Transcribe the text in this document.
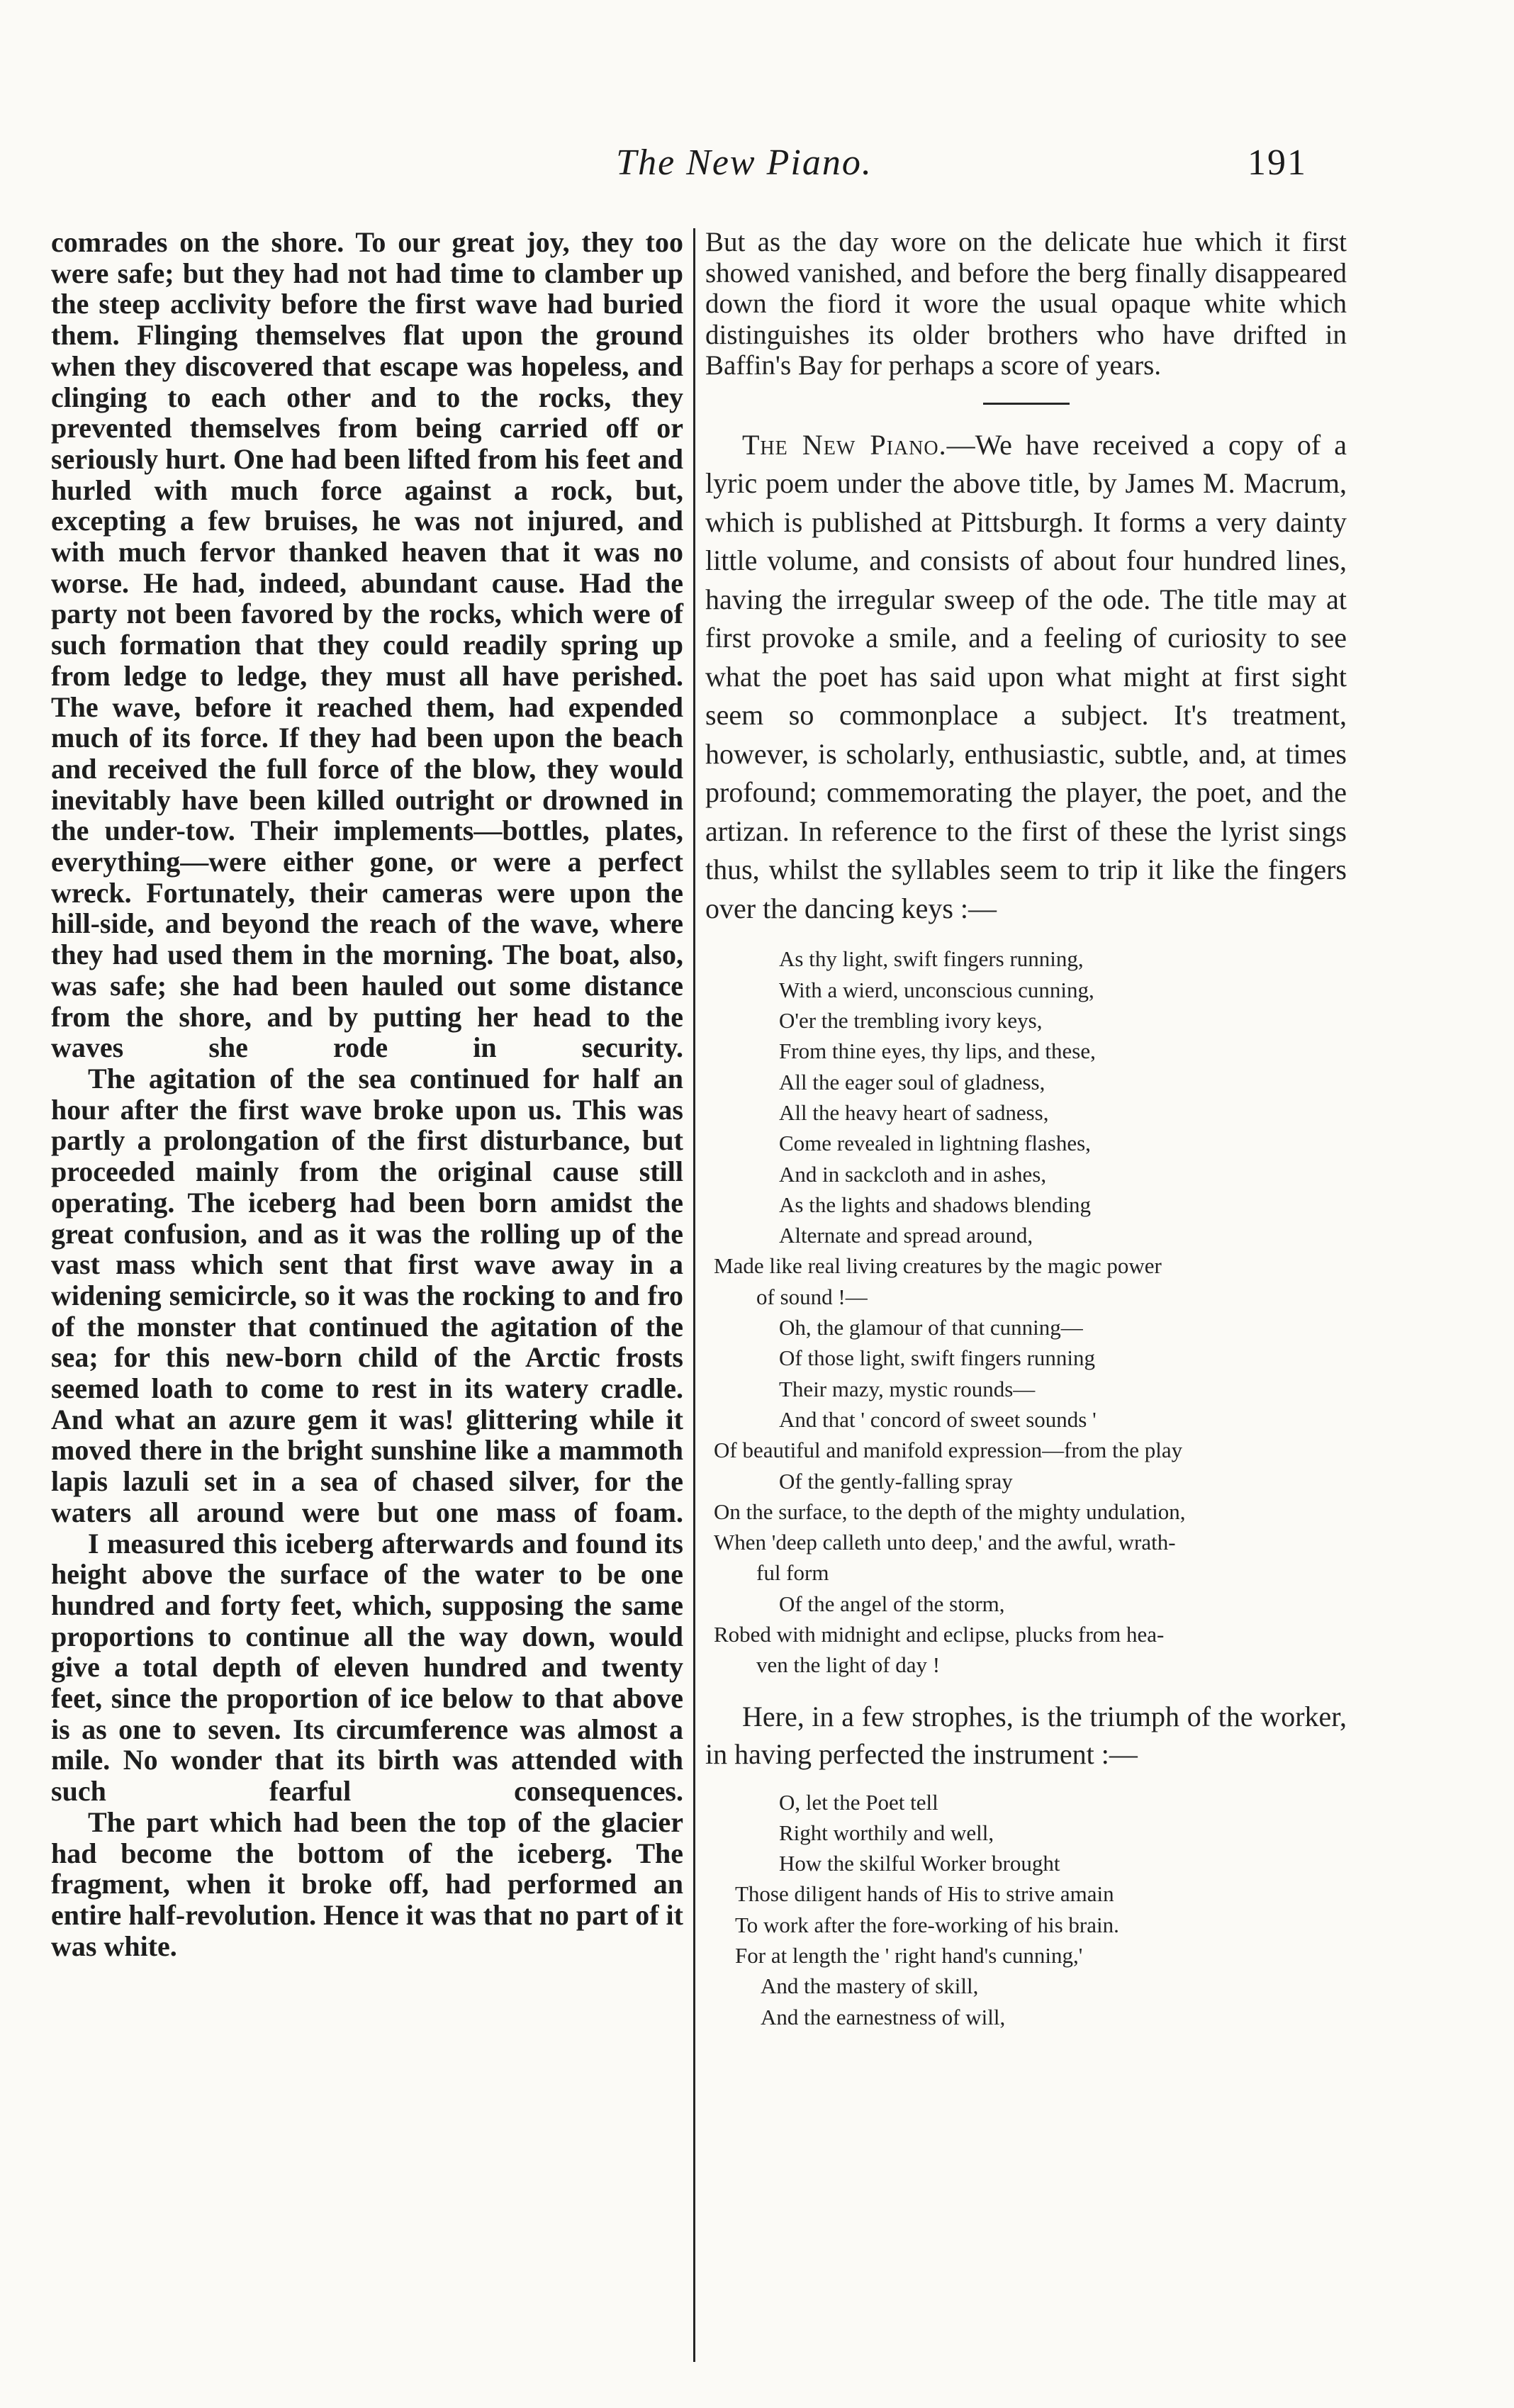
The New Piano.	191

comrades on the shore. To our great joy, they too were safe; but they had not had time to clamber up the steep acclivity before the first wave had buried them. Flinging themselves flat upon the ground when they discovered that escape was hopeless, and clinging to each other and to the rocks, they prevented themselves from being carried off or seriously hurt. One had been lifted from his feet and hurled with much force against a rock, but, excepting a few bruises, he was not injured, and with much fervor thanked heaven that it was no worse. He had, indeed, abundant cause. Had the party not been favored by the rocks, which were of such formation that they could readily spring up from ledge to ledge, they must all have perished. The wave, before it reached them, had expended much of its force. If they had been upon the beach and received the full force of the blow, they would inevitably have been killed outright or drowned in the under-tow. Their implements—bottles, plates, everything—were either gone, or were a perfect wreck. Fortunately, their cameras were upon the hill-side, and beyond the reach of the wave, where they had used them in the morning. The boat, also, was safe; she had been hauled out some distance from the shore, and by putting her head to the waves she rode in security.

The agitation of the sea continued for half an hour after the first wave broke upon us. This was partly a prolongation of the first disturbance, but proceeded mainly from the original cause still operating. The iceberg had been born amidst the great confusion, and as it was the rolling up of the vast mass which sent that first wave away in a widening semicircle, so it was the rocking to and fro of the monster that continued the agitation of the sea; for this new-born child of the Arctic frosts seemed loath to come to rest in its watery cradle. And what an azure gem it was! glittering while it moved there in the bright sunshine like a mammoth lapis lazuli set in a sea of chased silver, for the waters all around were but one mass of foam.

I measured this iceberg afterwards and found its height above the surface of the water to be one hundred and forty feet, which, supposing the same proportions to continue all the way down, would give a total depth of eleven hundred and twenty feet, since the proportion of ice below to that above is as one to seven. Its circumference was almost a mile. No wonder that its birth was attended with such fearful consequences.

The part which had been the top of the glacier had become the bottom of the iceberg. The fragment, when it broke off, had performed an entire half-revolution. Hence it was that no part of it was white.

But as the day wore on the delicate hue which it first showed vanished, and before the berg finally disappeared down the fiord it wore the usual opaque white which distinguishes its older brothers who have drifted in Baffin's Bay for perhaps a score of years.

The New Piano.—We have received a copy of a lyric poem under the above title, by James M. Macrum, which is published at Pittsburgh. It forms a very dainty little volume, and consists of about four hundred lines, having the irregular sweep of the ode. The title may at first provoke a smile, and a feeling of curiosity to see what the poet has said upon what might at first sight seem so commonplace a subject. It's treatment, however, is scholarly, enthusiastic, subtle, and, at times profound; commemorating the player, the poet, and the artizan. In reference to the first of these the lyrist sings thus, whilst the syllables seem to trip it like the fingers over the dancing keys :—

As thy light, swift fingers running,
With a wierd, unconscious cunning,
O'er the trembling ivory keys,
From thine eyes, thy lips, and these,
All the eager soul of gladness,
All the heavy heart of sadness,
Come revealed in lightning flashes,
And in sackcloth and in ashes,
As the lights and shadows blending
Alternate and spread around,
Made like real living creatures by the magic power
of sound !—
Oh, the glamour of that cunning—
Of those light, swift fingers running
Their mazy, mystic rounds—
And that ' concord of sweet sounds '
Of beautiful and manifold expression—from the play
Of the gently-falling spray
On the surface, to the depth of the mighty undulation,
When 'deep calleth unto deep,' and the awful, wrath-
ful form
Of the angel of the storm,
Robed with midnight and eclipse, plucks from hea-
ven the light of day !

Here, in a few strophes, is the triumph of the worker, in having perfected the instrument :—

O, let the Poet tell
Right worthily and well,
How the skilful Worker brought
Those diligent hands of His to strive amain
To work after the fore-working of his brain.
For at length the ' right hand's cunning,'
And the mastery of skill,
And the earnestness of will,
